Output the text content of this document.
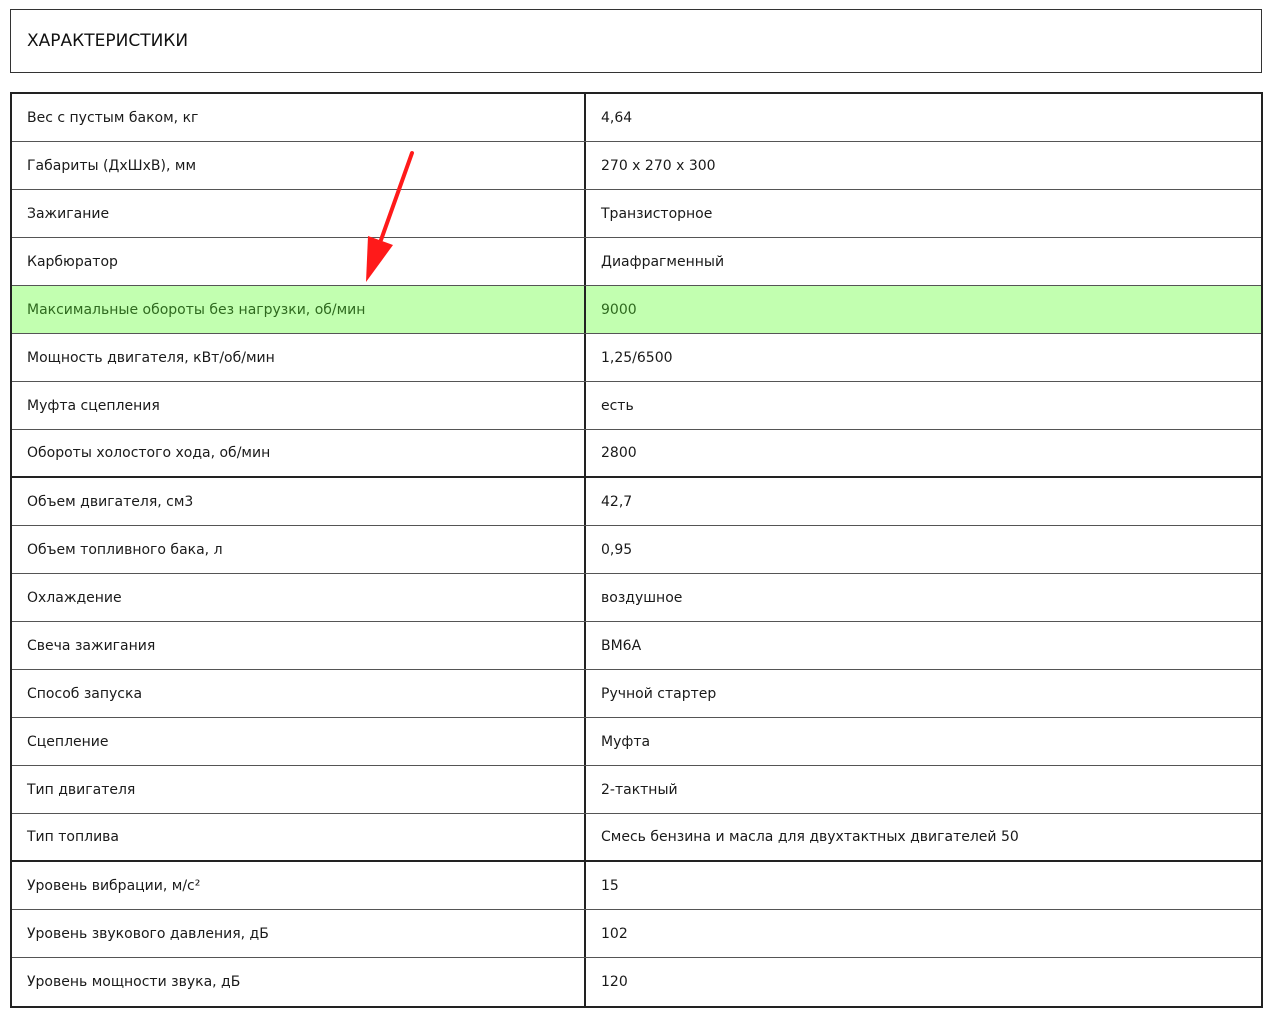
ХАРАКТЕРИСТИКИ
Вес с пустым баком, кг	4,64
Габариты (ДхШхВ), мм	270 х 270 х 300
Зажигание	Транзисторное
Карбюратор	Диафрагменный
Максимальные обороты без нагрузки, об/мин	9000
Мощность двигателя, кВт/об/мин	1,25/6500
Муфта сцепления	есть
Обороты холостого хода, об/мин	2800
Объем двигателя, см3	42,7
Объем топливного бака, л	0,95
Охлаждение	воздушное
Свеча зажигания	BM6A
Способ запуска	Ручной стартер
Сцепление	Муфта
Тип двигателя	2-тактный
Тип топлива	Смесь бензина и масла для двухтактных двигателей 50
Уровень вибрации, м/с²	15
Уровень звукового давления, дБ	102
Уровень мощности звука, дБ	120
